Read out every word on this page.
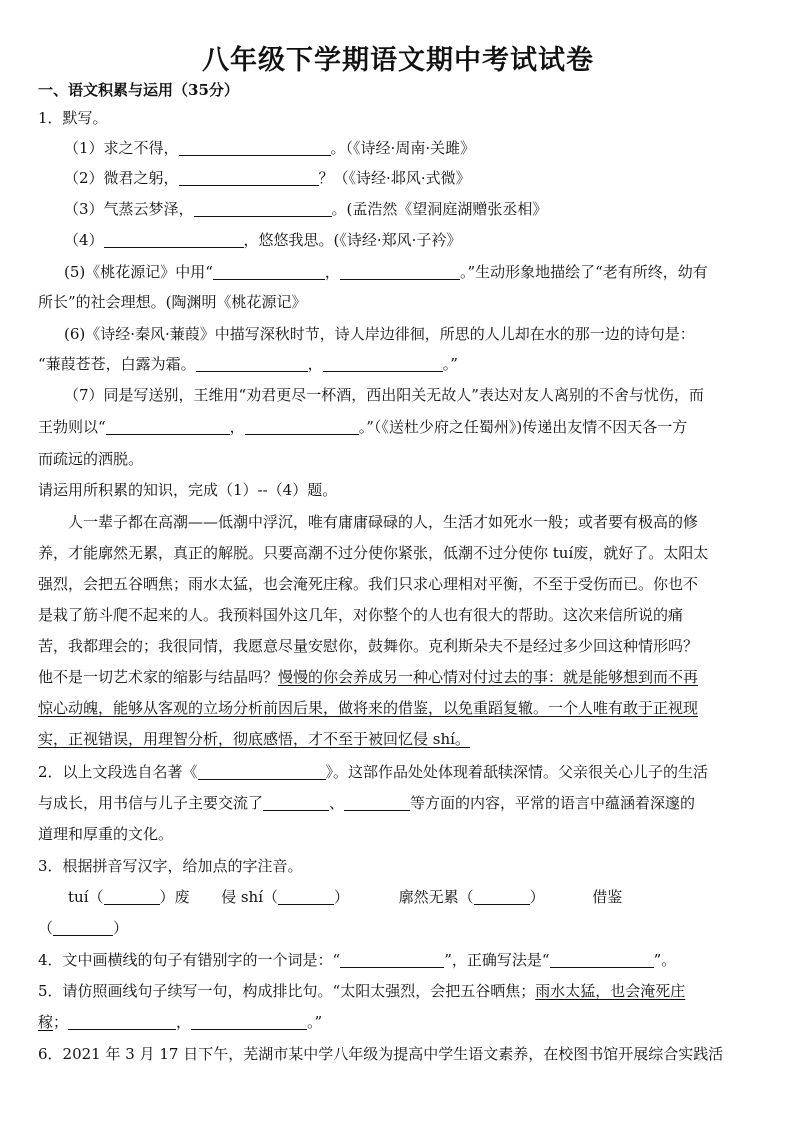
八年级下学期语文期中考试试卷
一、语文积累与运用（35分）
1．默写。
（1）求之不得，	。（《诗经·周南·关雎》
（2）微君之躬，	？（《诗经·邶风·式微》
（3）气蒸云梦泽，	。(孟浩然《望洞庭湖赠张丞相》
（4）	，悠悠我思。(《诗经·郑风·子衿》
(5)《桃花源记》中用“	，	。”生动形象地描绘了“老有所终，幼有
所长”的社会理想。(陶渊明《桃花源记》
(6)《诗经·秦风·蒹葭》中描写深秋时节，诗人岸边徘徊，所思的人儿却在水的那一边的诗句是：
“蒹葭苍苍，白露为霜。	，	。”
（7）同是写送别，王维用“劝君更尽一杯酒，西出阳关无故人”表达对友人离别的不舍与忧伤，而
王勃则以“	，	。”（《送杜少府之任蜀州》)传递出友情不因天各一方
而疏远的洒脱。
请运用所积累的知识，完成（1）--（4）题。
人一辈子都在高潮——低潮中浮沉，唯有庸庸碌碌的人，生活才如死水一般；或者要有极高的修
养，才能廓然无累，真正的解脱。只要高潮不过分使你紧张，低潮不过分使你 tuí废，就好了。太阳太
强烈，会把五谷晒焦；雨水太猛，也会淹死庄稼。我们只求心理相对平衡，不至于受伤而已。你也不
是栽了筋斗爬不起来的人。我预料国外这几年，对你整个的人也有很大的帮助。这次来信所说的痛
苦，我都理会的；我很同情，我愿意尽量安慰你，鼓舞你。克利斯朵夫不是经过多少回这种情形吗？
他不是一切艺术家的缩影与结晶吗？慢慢的你会养成另一种心情对付过去的事：就是能够想到而不再
惊心动魄，能够从客观的立场分析前因后果，做将来的借鉴，以免重蹈复辙。一个人唯有敢于正视现
实，正视错误，用理智分析，彻底感悟，才不至于被回忆侵 shí。
2．以上文段选自名著《	》。这部作品处处体现着舐犊深情。父亲很关心儿子的生活
与成长，用书信与儿子主要交流了	、	等方面的内容，平常的语言中蕴涵着深邃的
道理和厚重的文化。
3．根据拼音写汉字，给加点的字注音。
tuí（	）废 侵 shí（	）	廓然无累（	）	借鉴
（	）
4．文中画横线的句子有错别字的一个词是：“	”，正确写法是“	”。
5．请仿照画线句子续写一句，构成排比句。“太阳太强烈，会把五谷晒焦；雨水太猛，也会淹死庄
稼；	，	。”
6．2021 年 3 月 17 日下午，芜湖市某中学八年级为提高中学生语文素养，在校图书馆开展综合实践活
